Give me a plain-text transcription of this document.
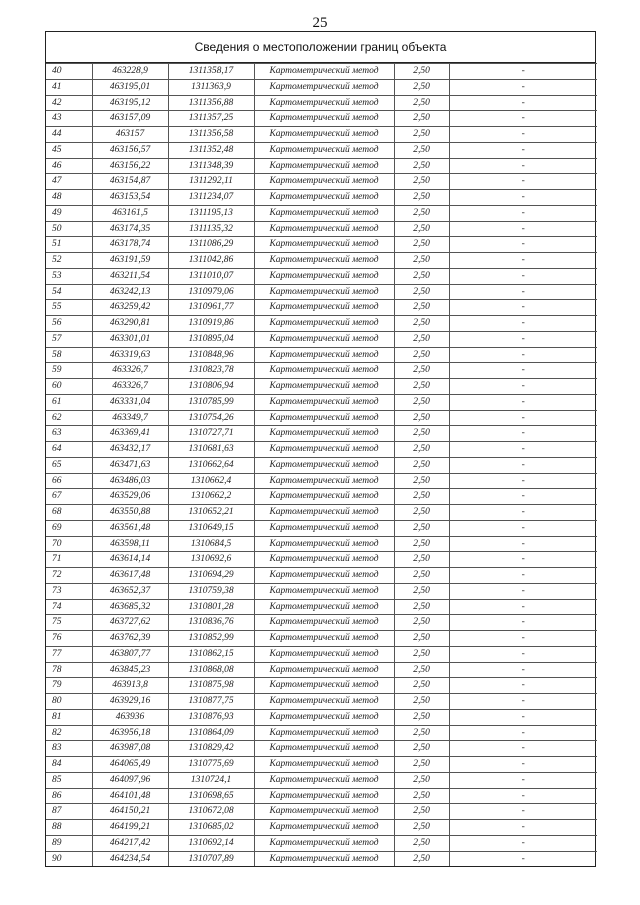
25
Сведения о местоположении границ объекта
40	463228,9	1311358,17	Картометрический метод	2,50	-
41	463195,01	1311363,9	Картометрический метод	2,50	-
42	463195,12	1311356,88	Картометрический метод	2,50	-
43	463157,09	1311357,25	Картометрический метод	2,50	-
44	463157	1311356,58	Картометрический метод	2,50	-
45	463156,57	1311352,48	Картометрический метод	2,50	-
46	463156,22	1311348,39	Картометрический метод	2,50	-
47	463154,87	1311292,11	Картометрический метод	2,50	-
48	463153,54	1311234,07	Картометрический метод	2,50	-
49	463161,5	1311195,13	Картометрический метод	2,50	-
50	463174,35	1311135,32	Картометрический метод	2,50	-
51	463178,74	1311086,29	Картометрический метод	2,50	-
52	463191,59	1311042,86	Картометрический метод	2,50	-
53	463211,54	1311010,07	Картометрический метод	2,50	-
54	463242,13	1310979,06	Картометрический метод	2,50	-
55	463259,42	1310961,77	Картометрический метод	2,50	-
56	463290,81	1310919,86	Картометрический метод	2,50	-
57	463301,01	1310895,04	Картометрический метод	2,50	-
58	463319,63	1310848,96	Картометрический метод	2,50	-
59	463326,7	1310823,78	Картометрический метод	2,50	-
60	463326,7	1310806,94	Картометрический метод	2,50	-
61	463331,04	1310785,99	Картометрический метод	2,50	-
62	463349,7	1310754,26	Картометрический метод	2,50	-
63	463369,41	1310727,71	Картометрический метод	2,50	-
64	463432,17	1310681,63	Картометрический метод	2,50	-
65	463471,63	1310662,64	Картометрический метод	2,50	-
66	463486,03	1310662,4	Картометрический метод	2,50	-
67	463529,06	1310662,2	Картометрический метод	2,50	-
68	463550,88	1310652,21	Картометрический метод	2,50	-
69	463561,48	1310649,15	Картометрический метод	2,50	-
70	463598,11	1310684,5	Картометрический метод	2,50	-
71	463614,14	1310692,6	Картометрический метод	2,50	-
72	463617,48	1310694,29	Картометрический метод	2,50	-
73	463652,37	1310759,38	Картометрический метод	2,50	-
74	463685,32	1310801,28	Картометрический метод	2,50	-
75	463727,62	1310836,76	Картометрический метод	2,50	-
76	463762,39	1310852,99	Картометрический метод	2,50	-
77	463807,77	1310862,15	Картометрический метод	2,50	-
78	463845,23	1310868,08	Картометрический метод	2,50	-
79	463913,8	1310875,98	Картометрический метод	2,50	-
80	463929,16	1310877,75	Картометрический метод	2,50	-
81	463936	1310876,93	Картометрический метод	2,50	-
82	463956,18	1310864,09	Картометрический метод	2,50	-
83	463987,08	1310829,42	Картометрический метод	2,50	-
84	464065,49	1310775,69	Картометрический метод	2,50	-
85	464097,96	1310724,1	Картометрический метод	2,50	-
86	464101,48	1310698,65	Картометрический метод	2,50	-
87	464150,21	1310672,08	Картометрический метод	2,50	-
88	464199,21	1310685,02	Картометрический метод	2,50	-
89	464217,42	1310692,14	Картометрический метод	2,50	-
90	464234,54	1310707,89	Картометрический метод	2,50	-
